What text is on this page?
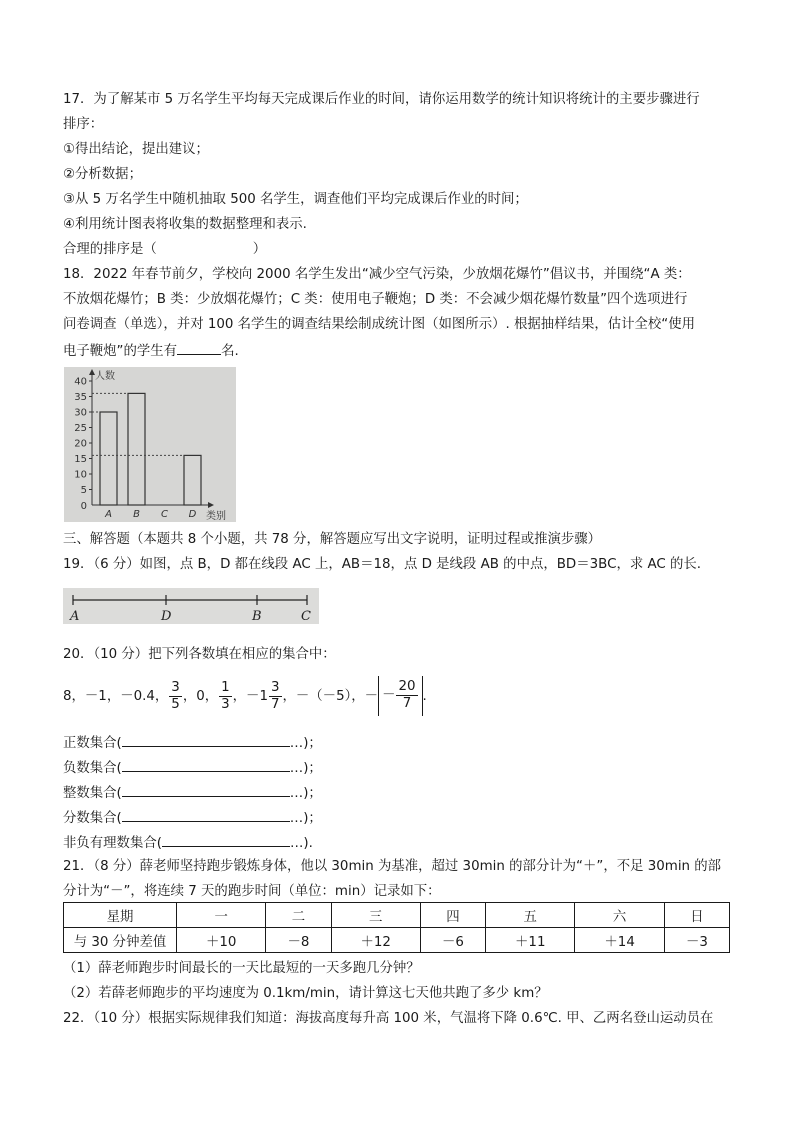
17．为了解某市 5 万名学生平均每天完成课后作业的时间，请你运用数学的统计知识将统计的主要步骤进行
排序：
①得出结论，提出建议；
②分析数据；
③从 5 万名学生中随机抽取 500 名学生，调查他们平均完成课后作业的时间；
④利用统计图表将收集的数据整理和表示.
合理的排序是（	）
18．2022 年春节前夕，学校向 2000 名学生发出“减少空气污染，少放烟花爆竹”倡议书，并围绕“A 类：
不放烟花爆竹；B 类：少放烟花爆竹；C 类：使用电子鞭炮；D 类：不会减少烟花爆竹数量”四个选项进行
问卷调查（单选），并对 100 名学生的调查结果绘制成统计图（如图所示）. 根据抽样结果，估计全校“使用
电子鞭炮”的学生有	名.
5
10
15
20
25
30
35
40
0
人数
类别
A B C D
三、解答题（本题共 8 个小题，共 78 分，解答题应写出文字说明，证明过程或推演步骤）
19．（6 分）如图，点 B，D 都在线段 AC 上，AB＝18，点 D 是线段 AB 的中点，BD＝3BC，求 AC 的长.
A	D	B	C
20．（10 分）把下列各数填在相应的集合中：
8，－1，－0.4， $\frac{3}{5}$ ，0， $\frac{1}{3}$ ，$-1 \frac{3}{7}$ ，－（－5），－ － $\frac{20}{7}$ .
正数集合(	…)；
负数集合(	…)；
整数集合(	…)；
分数集合(	…)；
非负有理数集合(	…).
21．（8 分）薛老师坚持跑步锻炼身体，他以 30min 为基准，超过 30min 的部分计为“＋”，不足 30min 的部
分计为“－”，将连续 7 天的跑步时间（单位：min）记录如下：
星期	一	二	三	四	五	六	日
与 30 分钟差值	＋10	－8	＋12	－6	＋11	＋14	－3
（1）薛老师跑步时间最长的一天比最短的一天多跑几分钟？
（2）若薛老师跑步的平均速度为 0.1km/min，请计算这七天他共跑了多少 km？
22．（10 分）根据实际规律我们知道：海拔高度每升高 100 米，气温将下降 0.6℃. 甲、乙两名登山运动员在
